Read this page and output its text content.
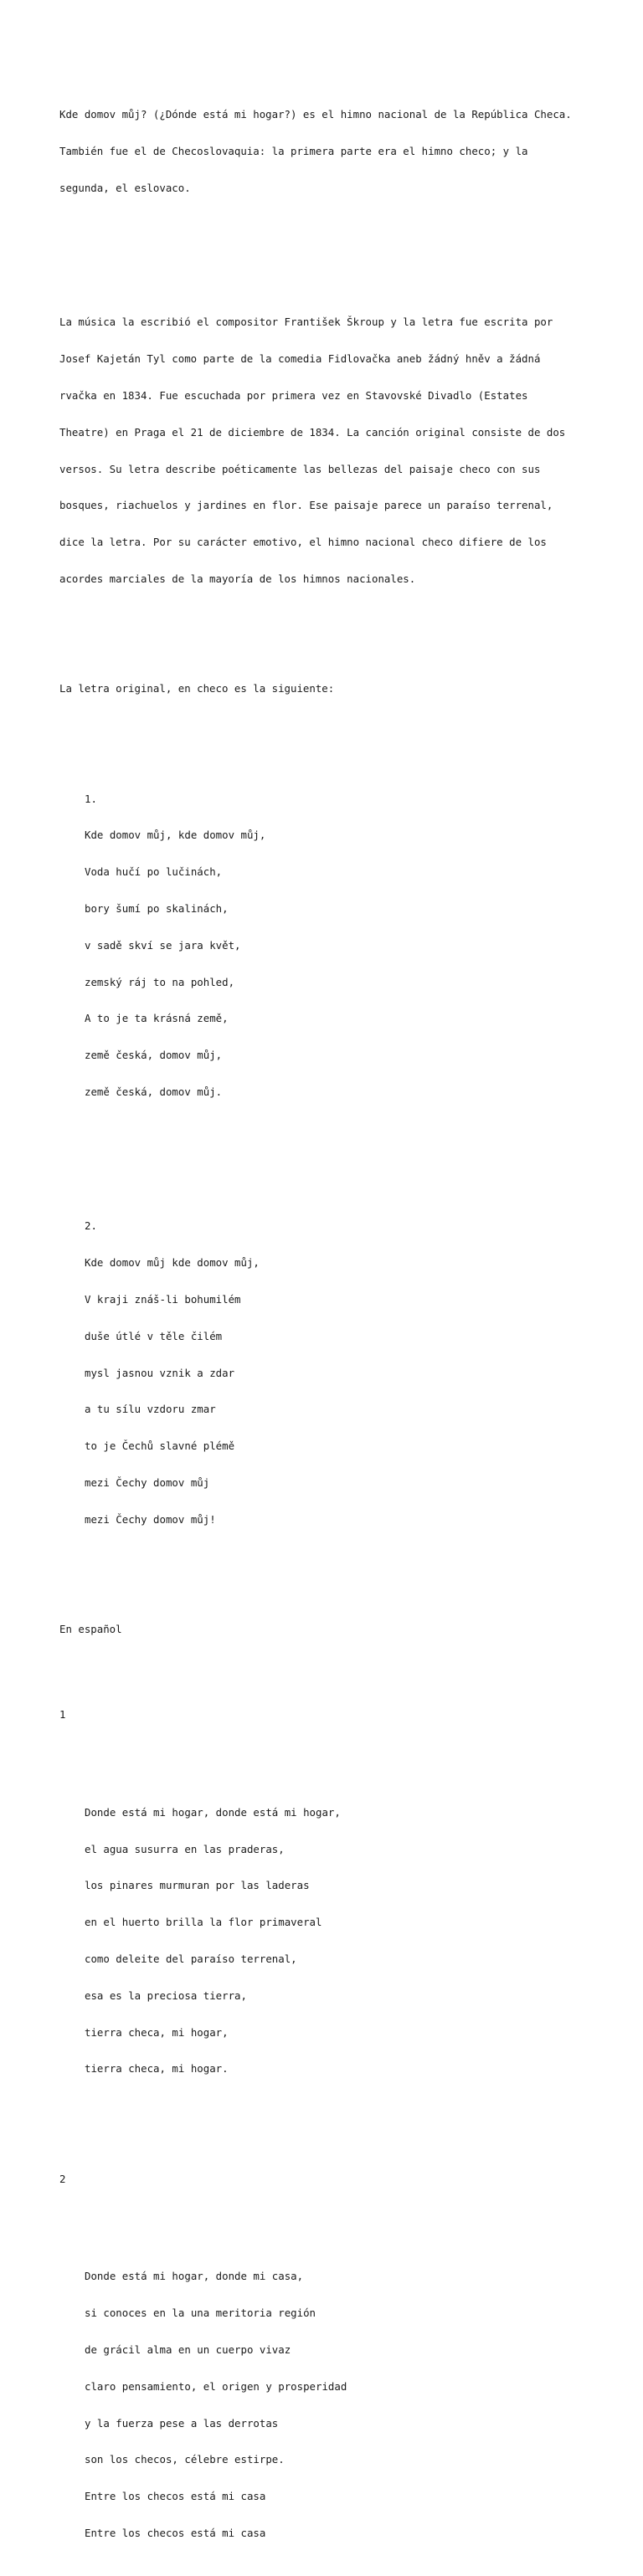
Kde domov můj? (¿Dónde está mi hogar?) es el himno nacional de la República Checa.

También fue el de Checoslovaquia: la primera parte era el himno checo; y la

segunda, el eslovaco.

La música la escribió el compositor František Škroup y la letra fue escrita por

Josef Kajetán Tyl como parte de la comedia Fidlovačka aneb žádný hněv a žádná

rvačka en 1834. Fue escuchada por primera vez en Stavovské Divadlo (Estates

Theatre) en Praga el 21 de diciembre de 1834. La canción original consiste de dos

versos. Su letra describe poéticamente las bellezas del paisaje checo con sus

bosques, riachuelos y jardines en flor. Ese paisaje parece un paraíso terrenal,

dice la letra. Por su carácter emotivo, el himno nacional checo difiere de los

acordes marciales de la mayoría de los himnos nacionales.

La letra original, en checo es la siguiente:

1.

Kde domov můj, kde domov můj,

Voda hučí po lučinách,

bory šumí po skalinách,

v sadě skví se jara květ,

zemský ráj to na pohled,

A to je ta krásná země,

země česká, domov můj,

země česká, domov můj.

2.

Kde domov můj kde domov můj,

V kraji znáš-li bohumilém

duše útlé v těle čilém

mysl jasnou vznik a zdar

a tu sílu vzdoru zmar

to je Čechů slavné plémě

mezi Čechy domov můj

mezi Čechy domov můj!

En español

1

Donde está mi hogar, donde está mi hogar,

el agua susurra en las praderas,

los pinares murmuran por las laderas

en el huerto brilla la flor primaveral

como deleite del paraíso terrenal,

esa es la preciosa tierra,

tierra checa, mi hogar,

tierra checa, mi hogar.

2

Donde está mi hogar, donde mi casa,

si conoces en la una meritoria región

de grácil alma en un cuerpo vivaz

claro pensamiento, el origen y prosperidad

y la fuerza pese a las derrotas

son los checos, célebre estirpe.

Entre los checos está mi casa

Entre los checos está mi casa
